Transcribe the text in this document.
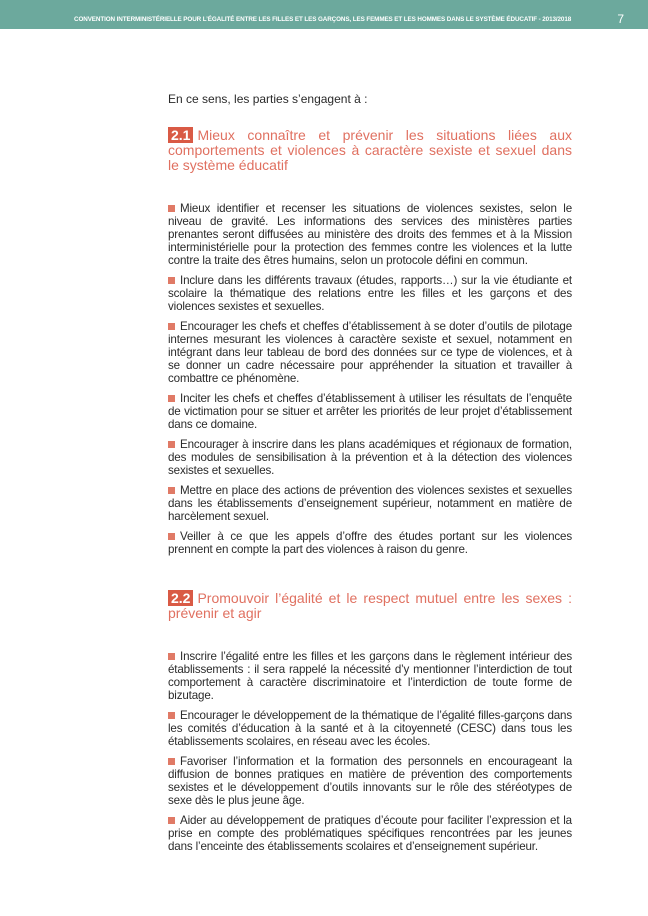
CONVENTION INTERMINISTÉRIELLE POUR L’ÉGALITÉ ENTRE LES FILLES ET LES GARÇONS, LES FEMMES ET LES HOMMES DANS LE SYSTÈME ÉDUCATIF - 2013/2018	7

En ce sens, les parties s’engagent à :

2.1 Mieux connaître et prévenir les situations liées aux comportements et violences à caractère sexiste et sexuel dans le système éducatif

Mieux identifier et recenser les situations de violences sexistes, selon le niveau de gravité. Les informations des services des ministères parties prenantes seront diffusées au ministère des droits des femmes et à la Mission interministérielle pour la protection des femmes contre les violences et la lutte contre la traite des êtres humains, selon un protocole défini en commun.

Inclure dans les différents travaux (études, rapports…) sur la vie étudiante et scolaire la thématique des relations entre les filles et les garçons et des violences sexistes et sexuelles.

Encourager les chefs et cheffes d’établissement à se doter d’outils de pilotage internes mesurant les violences à caractère sexiste et sexuel, notamment en intégrant dans leur tableau de bord des données sur ce type de violences, et à se donner un cadre nécessaire pour appréhender la situation et travailler à combattre ce phénomène.

Inciter les chefs et cheffes d’établissement à utiliser les résultats de l’enquête de victimation pour se situer et arrêter les priorités de leur projet d’établissement dans ce domaine.

Encourager à inscrire dans les plans académiques et régionaux de formation, des modules de sensibilisation à la prévention et à la détection des violences sexistes et sexuelles.

Mettre en place des actions de prévention des violences sexistes et sexuelles dans les établissements d’enseignement supérieur, notamment en matière de harcèlement sexuel.

Veiller à ce que les appels d’offre des études portant sur les violences prennent en compte la part des violences à raison du genre.

2.2 Promouvoir l’égalité et le respect mutuel entre les sexes : prévenir et agir

Inscrire l’égalité entre les filles et les garçons dans le règlement intérieur des établissements : il sera rappelé la nécessité d’y mentionner l’interdiction de tout comportement à caractère discriminatoire et l’interdiction de toute forme de bizutage.

Encourager le développement de la thématique de l’égalité filles-garçons dans les comités d’éducation à la santé et à la citoyenneté (CESC) dans tous les établissements scolaires, en réseau avec les écoles.

Favoriser l’information et la formation des personnels en encourageant la diffusion de bonnes pratiques en matière de prévention des comportements sexistes et le développement d’outils innovants sur le rôle des stéréotypes de sexe dès le plus jeune âge.

Aider au développement de pratiques d’écoute pour faciliter l’expression et la prise en compte des problématiques spécifiques rencontrées par les jeunes dans l’enceinte des établissements scolaires et d’enseignement supérieur.
